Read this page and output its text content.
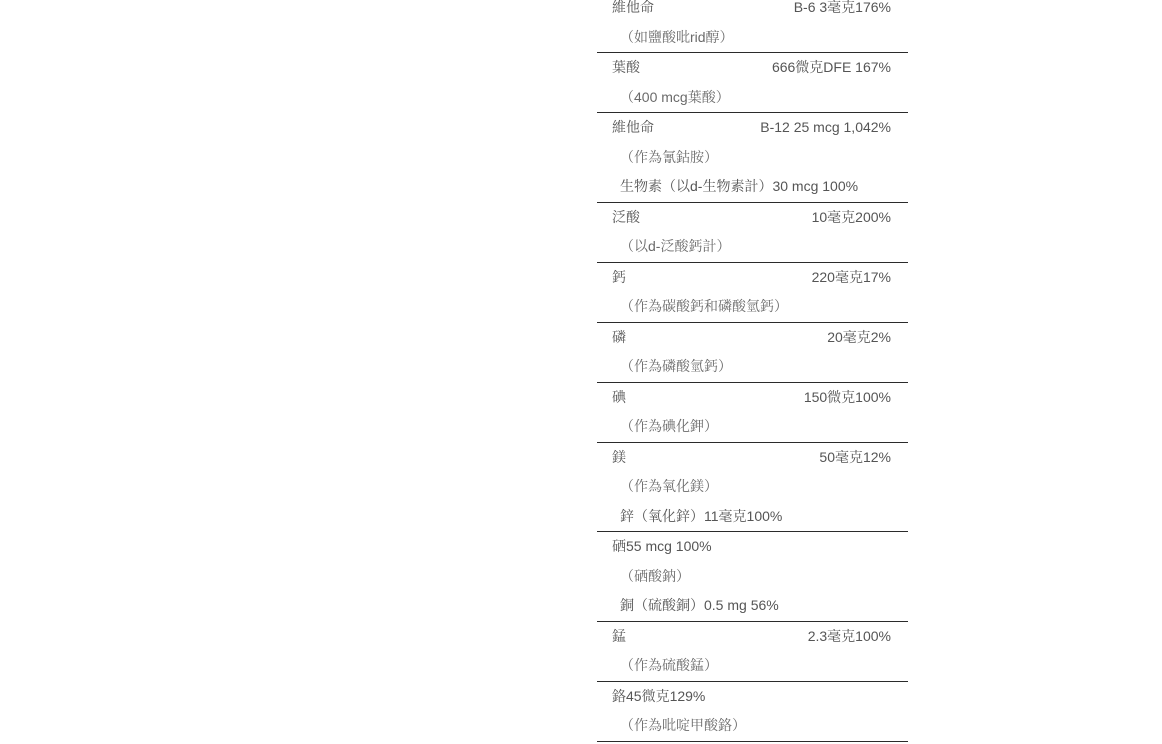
維他命	B-6 3毫克176%
（如鹽酸吡rid醇）
葉酸	666微克DFE 167%
（400 mcg葉酸）
維他命	B-12 25 mcg 1,042%
（作為氰鈷胺）
生物素（以d-生物素計）30 mcg 100%
泛酸	10毫克200%
（以d-泛酸鈣計）
鈣	220毫克17%
（作為碳酸鈣和磷酸氫鈣）
磷	20毫克2%
（作為磷酸氫鈣）
碘	150微克100%
（作為碘化鉀）
鎂	50毫克12%
（作為氧化鎂）
鋅（氧化鋅）11毫克100%
硒55 mcg 100%
（硒酸鈉）
銅（硫酸銅）0.5 mg 56%
錳	2.3毫克100%
（作為硫酸錳）
鉻45微克129%
（作為吡啶甲酸鉻）
